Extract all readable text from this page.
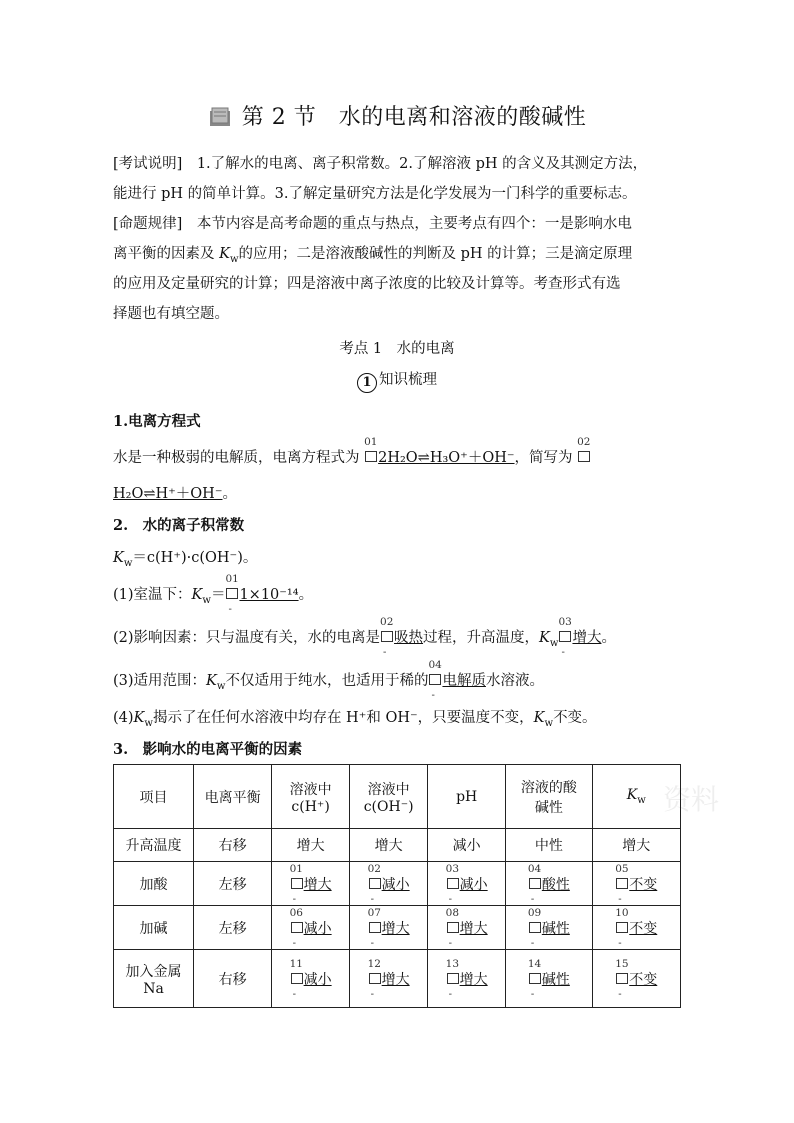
第 2 节　水的电离和溶液的酸碱性
[考试说明]　 1.了解水的电离、离子积常数。2.了解溶液 pH 的含义及其测定方法，
能进行 pH 的简单计算。3.了解定量研究方法是化学发展为一门科学的重要标志。
[命题规律]　 本节内容是高考命题的重点与热点，主要考点有四个：一是影响水电
离平衡的因素及 $K_w$的应用；二是溶液酸碱性的判断及 pH 的计算；三是滴定原理
的应用及定量研究的计算；四是溶液中离子浓度的比较及计算等。考查形式有选
择题也有填空题。
考点 1　水的电离
1 知识梳理
1.电离方程式
水是一种极弱的电解质，电离方程式为
01
2H₂O⇌H₃O⁺＋OH⁻，简写为
02
H₂O⇌H⁺＋OH⁻。
2.　水的离子积常数
$K_w=c(H^+)\cdot c(OH^-)$。
(1)室温下：$K_w=$
01
-
1×10⁻¹⁴。
(2)影响因素：只与温度有关，水的电离是
02
-
吸热过程，升高温度，$K_w$
03
-
增大。
(3)适用范围：$K_w$不仅适用于纯水，也适用于稀的
04
-
电解质水溶液。
$(4)K_w$揭示了在任何水溶液中均存在 H⁺和 OH⁻，只要温度不变，$K_w$不变。
3.　影响水的电离平衡的因素
资料
项目	电离平衡	溶液中
c(H⁺)	溶液中
c(OH⁻)	pH	溶液的酸
碱性	$K_w$
升高温度	右移	增大	增大	减小	中性	增大
加酸	左移	01
-
增大	02
-
减小	03
-
减小	04
-
酸性	05
-
不变
加碱	左移	06
-
减小	07
-
增大	08
-
增大	09
-
碱性	10
-
不变
加入金属
Na	右移	11
-
减小	12
-
增大	13
-
增大	14
-
碱性	15
-
不变
